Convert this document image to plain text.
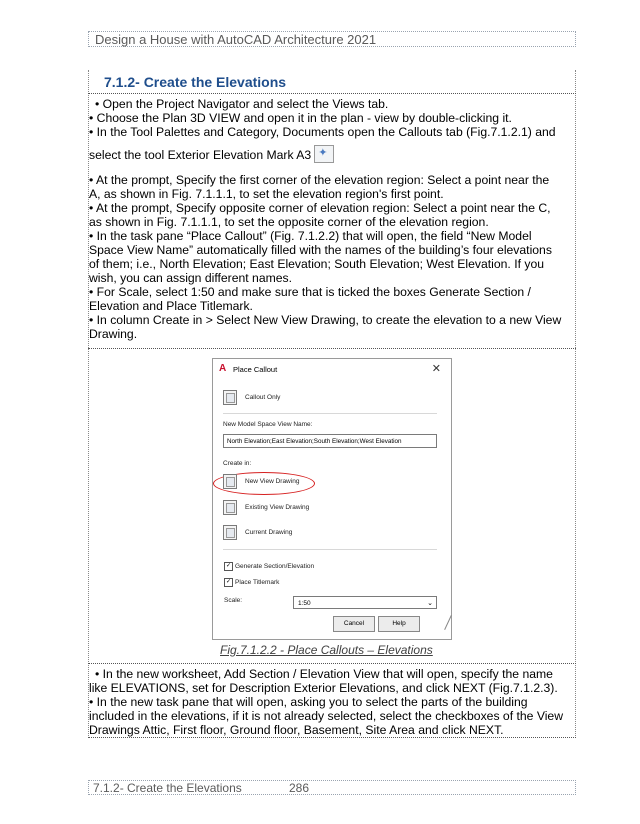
Design a House with AutoCAD Architecture 2021
7.1.2- Create the Elevations

• Open the Project Navigator and select the Views tab.

• Choose the Plan 3D VIEW and open it in the plan - view by double-clicking it.

• In the Tool Palettes and Category, Documents open the Callouts tab (Fig.7.1.2.1) and

select the tool Exterior Elevation Mark A3✦

• At the prompt, Specify the first corner of the elevation region: Select a point near the

A, as shown in Fig. 7.1.1.1, to set the elevation region's first point.

• At the prompt, Specify opposite corner of elevation region: Select a point near the C,

as shown in Fig. 7.1.1.1, to set the opposite corner of the elevation region.

• In the task pane “Place Callout” (Fig. 7.1.2.2) that will open, the field “New Model

Space View Name” automatically filled with the names of the building’s four elevations

of them; i.e., North Elevation; East Elevation; South Elevation; West Elevation. If you

wish, you can assign different names.

• For Scale, select 1:50 and make sure that is ticked the boxes Generate Section /

Elevation and Place Titlemark.

• In column Create in > Select New View Drawing, to create the elevation to a new View

Drawing.

A Place Callout	✕
Callout Only
New Model Space View Name:
North Elevation;East Elevation;South Elevation;West Elevation
Create in:
New View Drawing
Existing View Drawing
Current Drawing
✓ Generate Section/Elevation
✓ Place Titlemark
Scale:	1:50	⌄
Cancel	Help
Fig.7.1.2.2 - Place Callouts – Elevations

• In the new worksheet, Add Section / Elevation View that will open, specify the name

like ELEVATIONS, set for Description Exterior Elevations, and click NEXT (Fig.7.1.2.3).

• In the new task pane that will open, asking you to select the parts of the building

included in the elevations, if it is not already selected, select the checkboxes of the View

Drawings Attic, First floor, Ground floor, Basement, Site Area and click NEXT.

7.1.2- Create the Elevations	286
